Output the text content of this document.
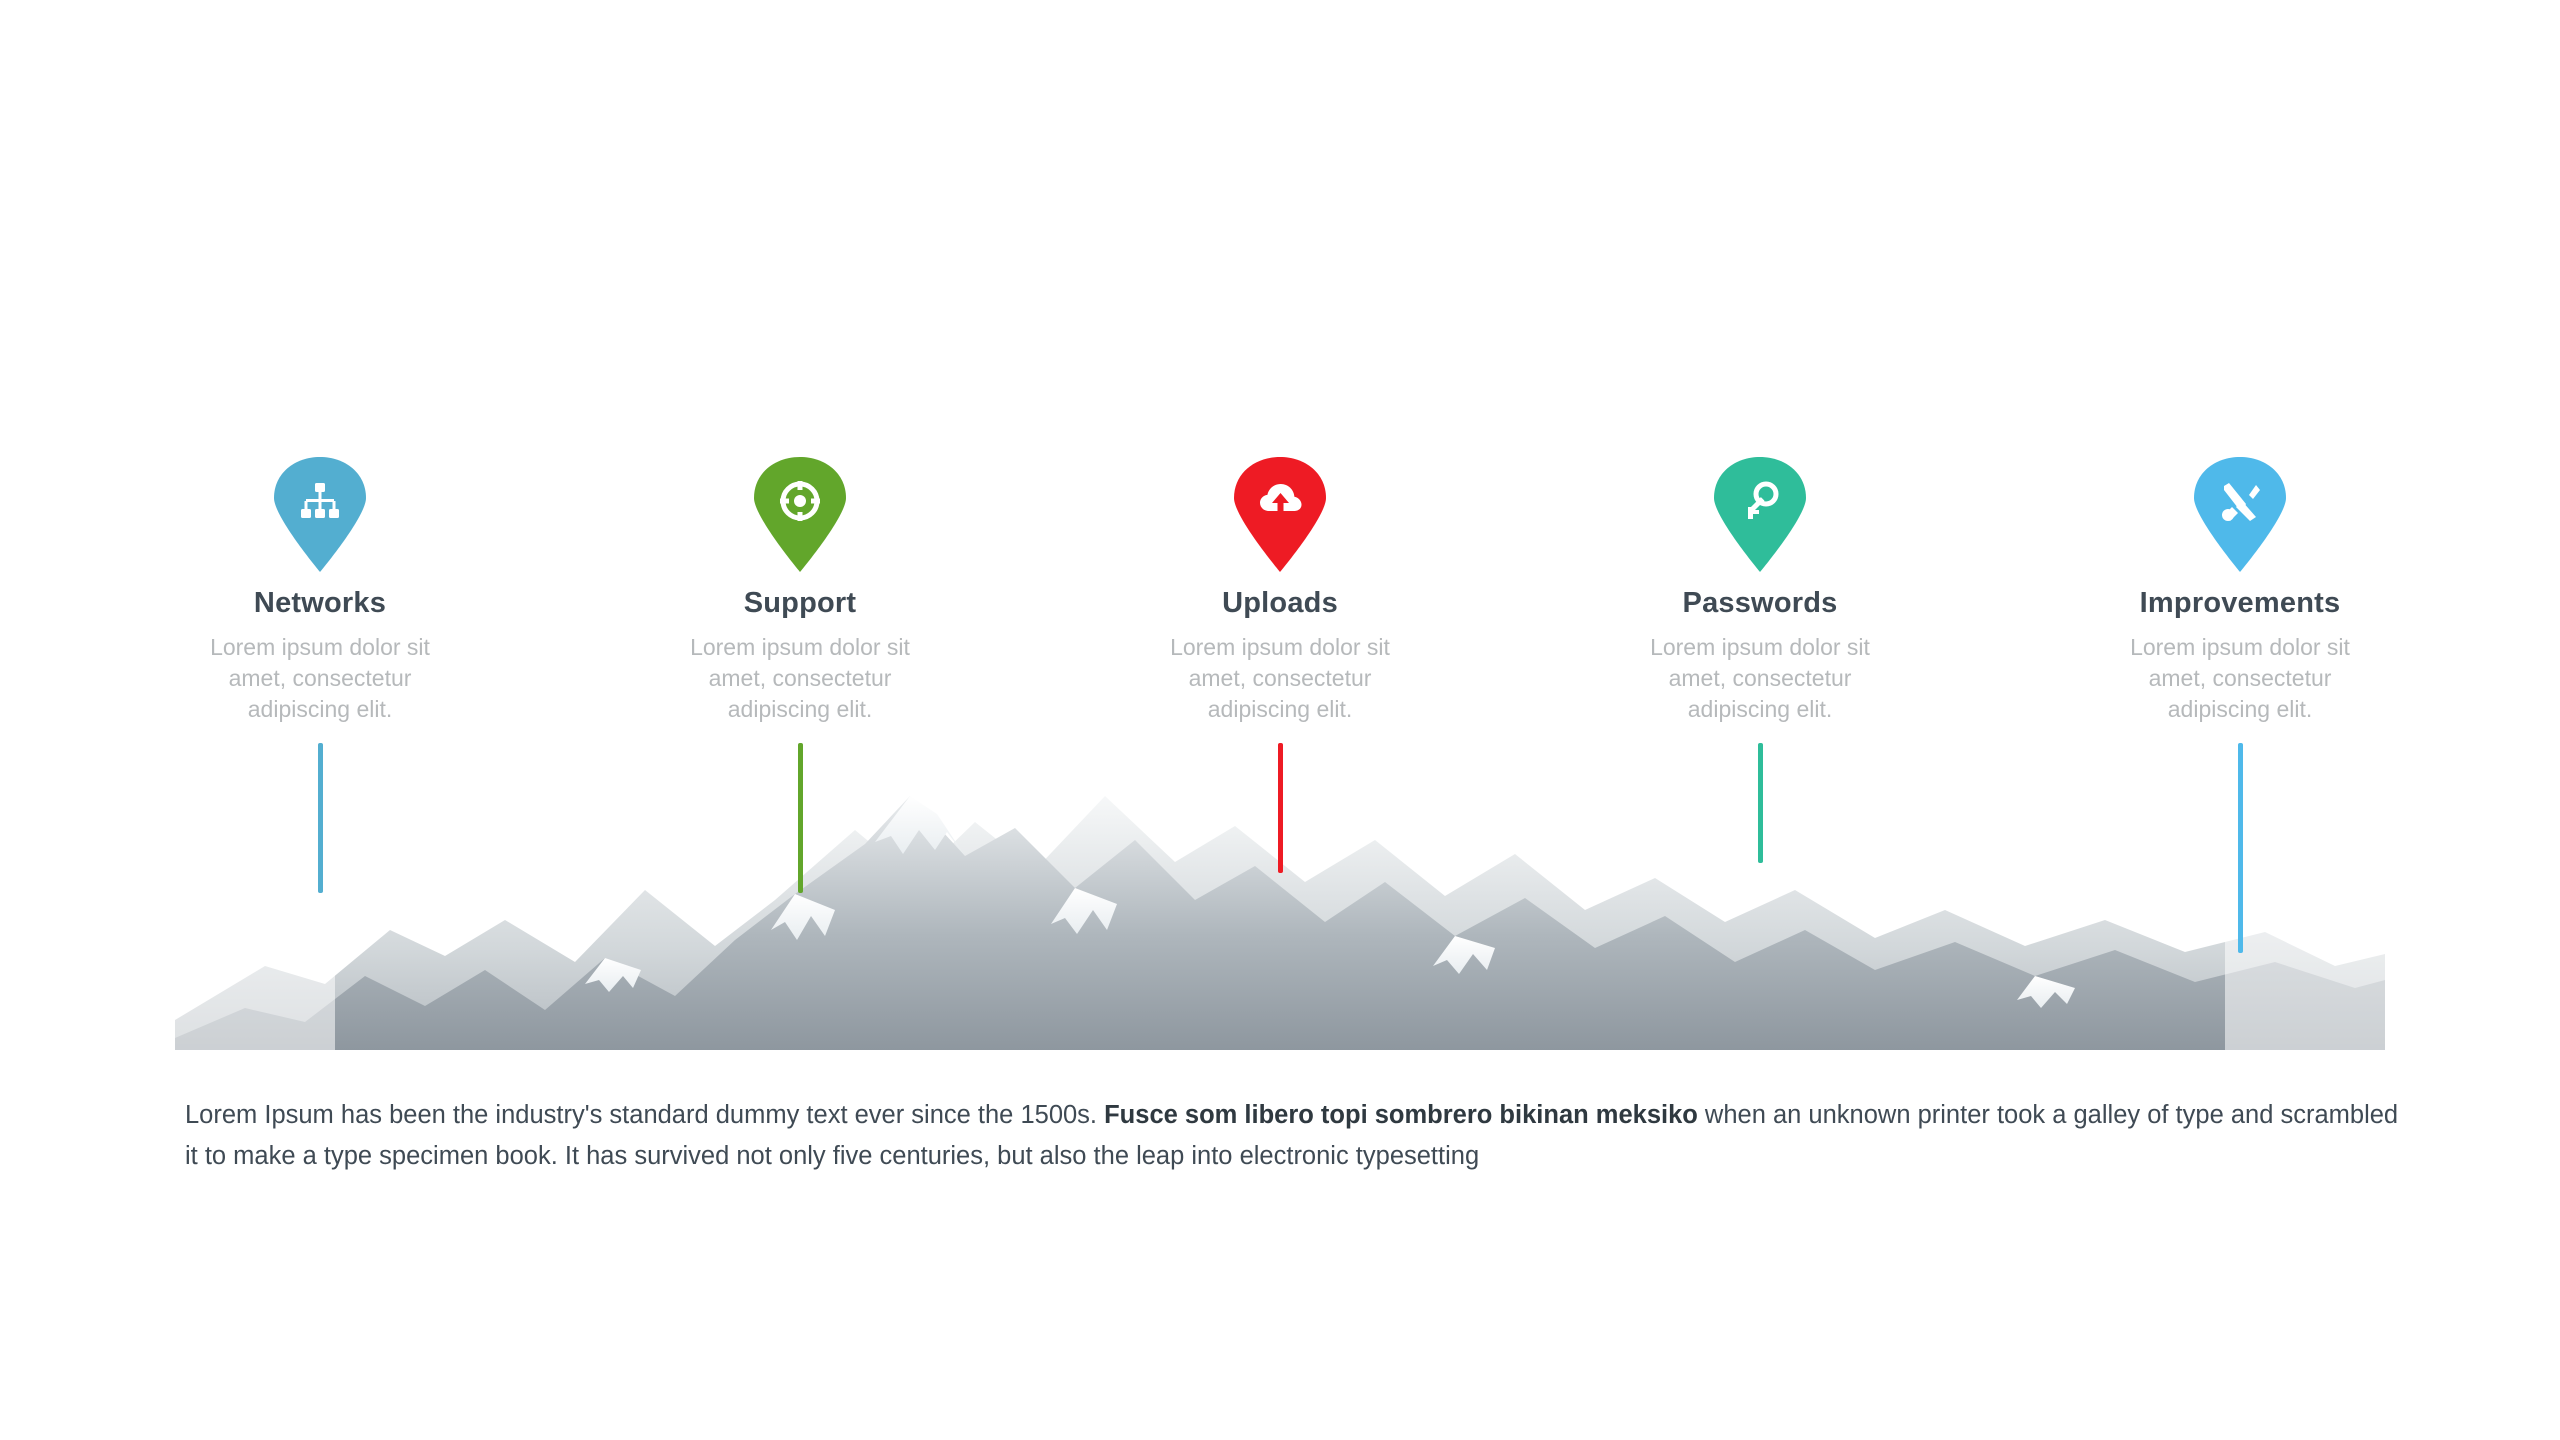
Networks
Lorem ipsum dolor sit amet, consectetur adipiscing elit.
Support
Lorem ipsum dolor sit amet, consectetur adipiscing elit.
Uploads
Lorem ipsum dolor sit amet, consectetur adipiscing elit.
Passwords
Lorem ipsum dolor sit amet, consectetur adipiscing elit.
Improvements
Lorem ipsum dolor sit amet, consectetur adipiscing elit.
Lorem Ipsum has been the industry's standard dummy text ever since the 1500s. Fusce som libero topi sombrero bikinan meksiko when an unknown printer took a galley of type and scrambled it to make a type specimen book. It has survived not only five centuries, but also the leap into electronic typesetting
